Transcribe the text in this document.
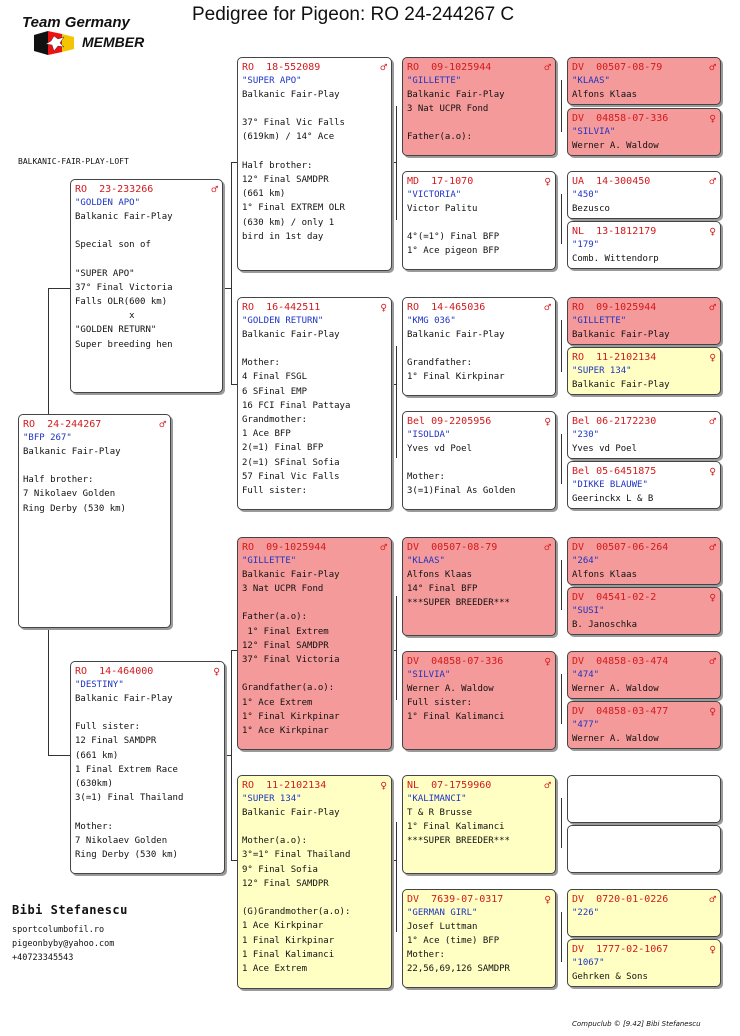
Pedigree for Pigeon: RO 24-244267 C
Team Germany
MEMBER
BALKANIC-FAIR-PLAY-LOFT
Bibi Stefanescu
sportcolumbofil.ro
pigeonbyby@yahoo.com
+40723345543
Compuclub © [9.42] Bibi Stefanescu
RO  24-244267	♂
"BFP 267"
Balkanic Fair-Play

Half brother:
7 Nikolaev Golden
Ring Derby (530 km)
RO  23-233266	♂
"GOLDEN APO"
Balkanic Fair-Play

Special son of

"SUPER APO"
37° Final Victoria
Falls OLR(600 km)
x
"GOLDEN RETURN"
Super breeding hen
RO  14-464000	♀
"DESTINY"
Balkanic Fair-Play

Full sister:
12 Final SAMDPR
(661 km)
1 Final Extrem Race
(630km)
3(=1) Final Thailand

Mother:
7 Nikolaev Golden
Ring Derby (530 km)
RO  18-552089	♂
"SUPER APO"
Balkanic Fair-Play

37° Final Vic Falls
(619km) / 14° Ace

Half brother:
12° Final SAMDPR
(661 km)
1° Final EXTREM OLR
(630 km) / only 1
bird in 1st day
RO  16-442511	♀
"GOLDEN RETURN"
Balkanic Fair-Play

Mother:
4 Final FSGL
6 SFinal EMP
16 FCI Final Pattaya
Grandmother:
1 Ace BFP
2(=1) Final BFP
2(=1) SFinal Sofia
57 Final Vic Falls
Full sister:
RO  09-1025944	♂
"GILLETTE"
Balkanic Fair-Play
3 Nat UCPR Fond

Father(a.o):
1° Final Extrem
12° Final SAMDPR
37° Final Victoria

Grandfather(a.o):
1° Ace Extrem
1° Final Kirkpinar
1° Ace Kirkpinar
RO  11-2102134	♀
"SUPER 134"
Balkanic Fair-Play

Mother(a.o):
3°=1° Final Thailand
9° Final Sofia
12° Final SAMDPR

(G)Grandmother(a.o):
1 Ace Kirkpinar
1 Final Kirkpinar
1 Final Kalimanci
1 Ace Extrem
RO  09-1025944	♂
"GILLETTE"
Balkanic Fair-Play
3 Nat UCPR Fond

Father(a.o):
MD  17-1070	♀
"VICTORIA"
Victor Palitu

4°(=1°) Final BFP
1° Ace pigeon BFP
RO  14-465036	♂
"KMG 036"
Balkanic Fair-Play

Grandfather:
1° Final Kirkpinar
Bel 09-2205956	♀
"ISOLDA"
Yves vd Poel

Mother:
3(=1)Final As Golden
DV  00507-08-79	♂
"KLAAS"
Alfons Klaas
14° Final BFP
***SUPER BREEDER***
DV  04858-07-336	♀
"SILVIA"
Werner A. Waldow
Full sister:
1° Final Kalimanci
NL  07-1759960	♂
"KALIMANCI"
T & R Brusse
1° Final Kalimanci
***SUPER BREEDER***
DV  7639-07-0317	♀
"GERMAN GIRL"
Josef Luttman
1° Ace (time) BFP
Mother:
22,56,69,126 SAMDPR
DV  00507-08-79	♂
"KLAAS"
Alfons Klaas
DV  04858-07-336	♀
"SILVIA"
Werner A. Waldow
UA  14-300450	♂
"450"
Bezusco
NL  13-1812179	♀
"179"
Comb. Wittendorp
RO  09-1025944	♂
"GILLETTE"
Balkanic Fair-Play
RO  11-2102134	♀
"SUPER 134"
Balkanic Fair-Play
Bel 06-2172230	♂
"230"
Yves vd Poel
Bel 05-6451875	♀
"DIKKE BLAUWE"
Geerinckx L & B
DV  00507-06-264	♂
"264"
Alfons Klaas
DV  04541-02-2	♀
"SUSI"
B. Janoschka
DV  04858-03-474	♂
"474"
Werner A. Waldow
DV  04858-03-477	♀
"477"
Werner A. Waldow
DV  0720-01-0226	♂
"226"
DV  1777-02-1067	♀
"1067"
Gehrken & Sons
